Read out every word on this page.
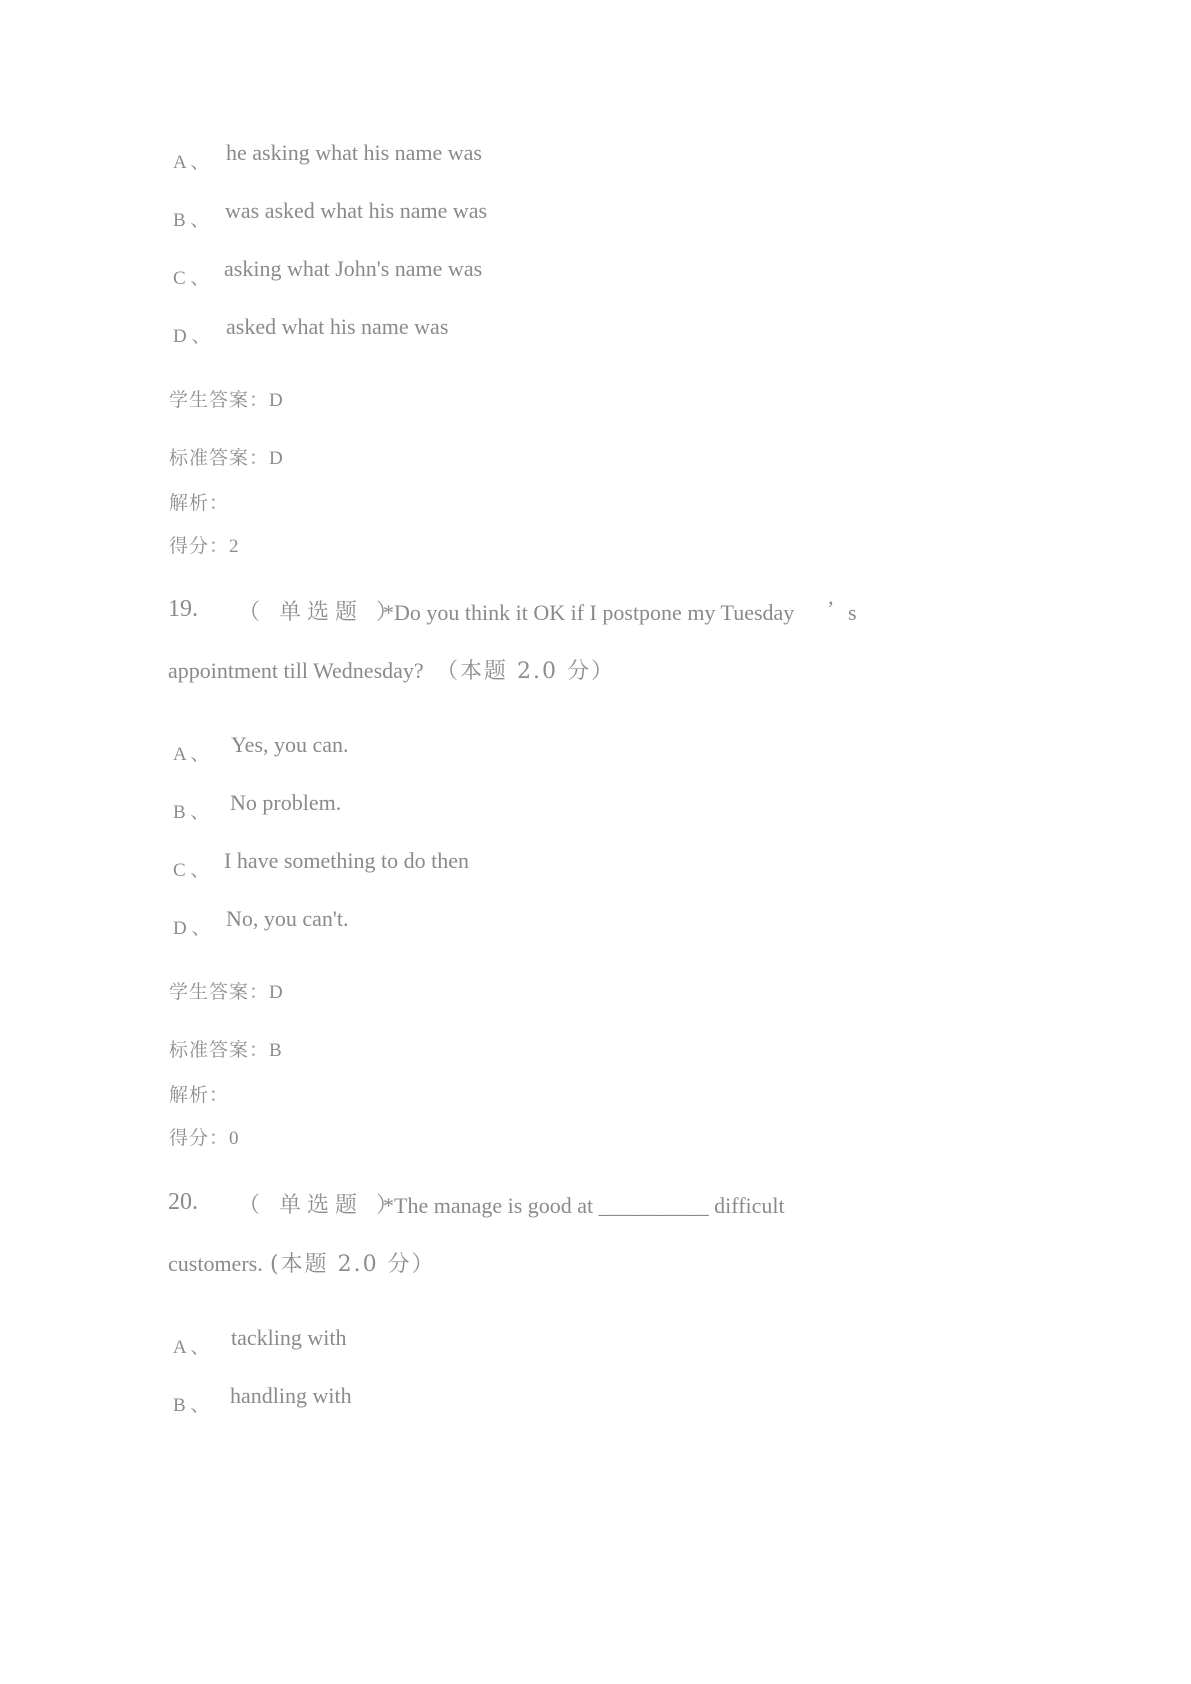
A 、 he asking what his name was
B 、 was asked what his name was
C 、 asking what John's name was
D 、 asked what his name was
学生答案：D
标准答案：D
解析：
得分：2
19. （ 单选题 ）
*Do you think it OK if I postpone my Tuesday ’ s
appointment till Wednesday? （本题 2.0 分）
A 、 Yes, you can.
B 、 No problem.
C 、 I have something to do then
D 、 No, you can't.
学生答案：D
标准答案：B
解析：
得分：0
20. （ 单选题 ）
*The manage is good at __________ difficult
customers. (本题 2.0 分）
A 、 tackling with
B 、 handling with
